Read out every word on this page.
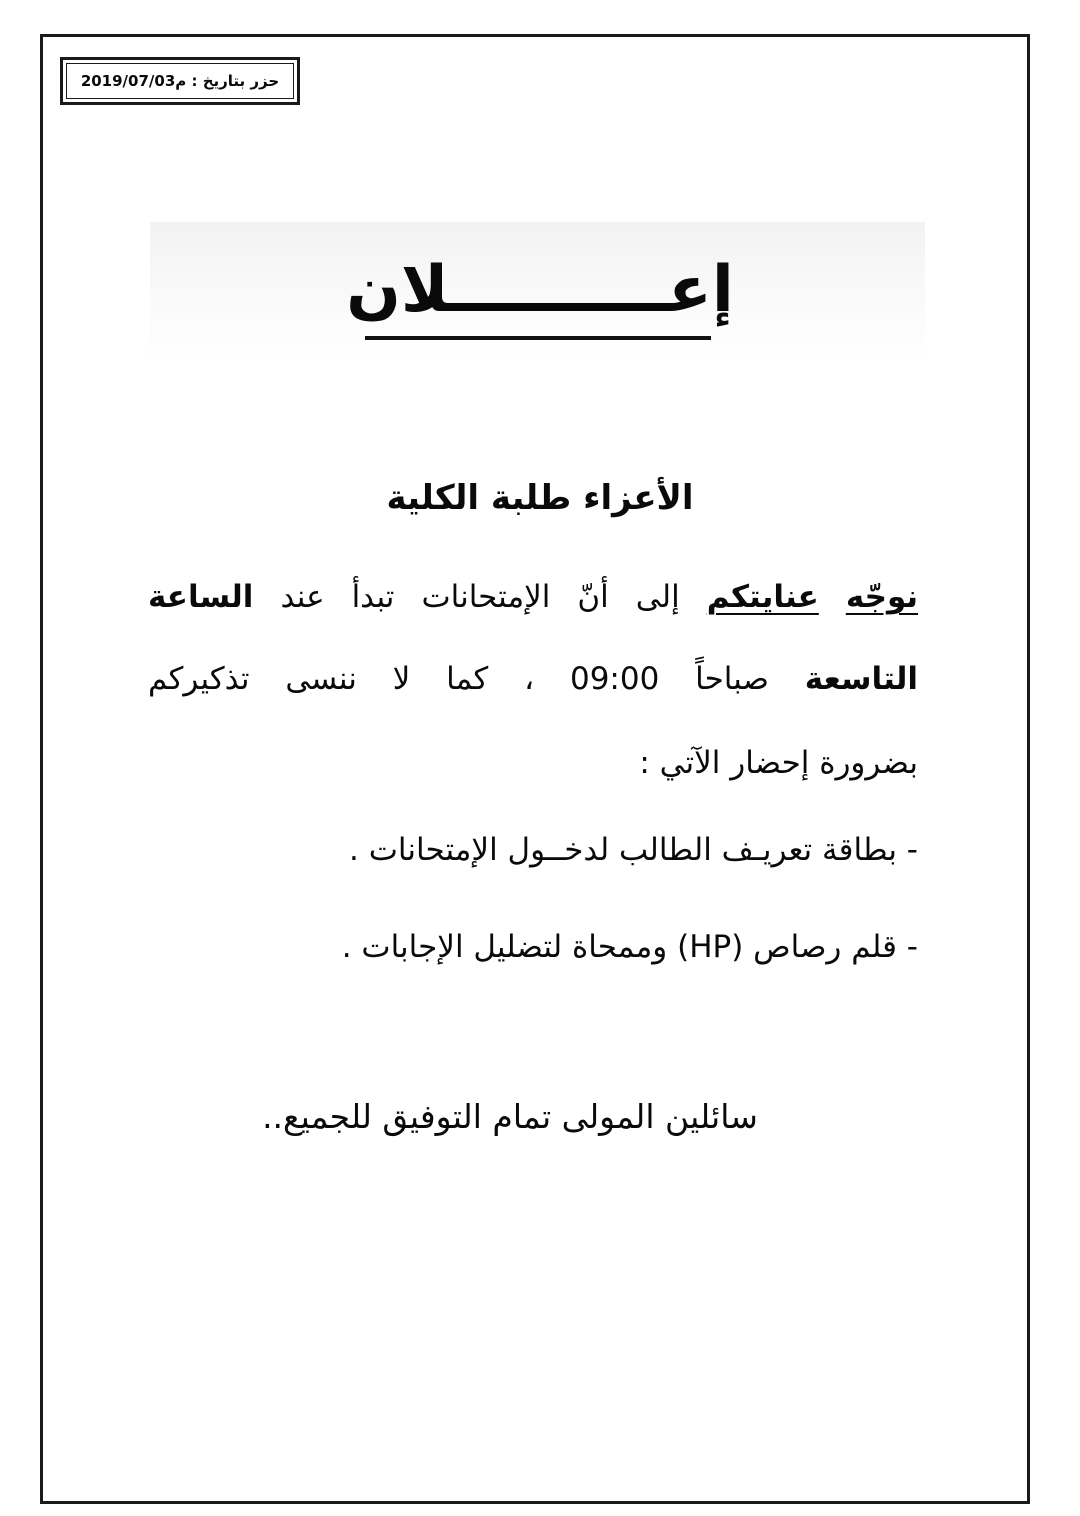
حزر بتاريخ :

2019/07/03م
إعــــــــــلان
الأعزاء طلبة الكلية
نوجّه عنايتكم إلى أنّ الإمتحانات تبدأ عند الساعة
التاسعة صباحاً 09:00 ، كما لا ننسى تذكيركم
بضرورة إحضار الآتي :
- بطاقة تعريـف الطالب لدخــول الإمتحانات .
- قلم رصاص (HP) وممحاة لتضليل الإجابات .
سائلين المولى تمام التوفيق للجميع..
